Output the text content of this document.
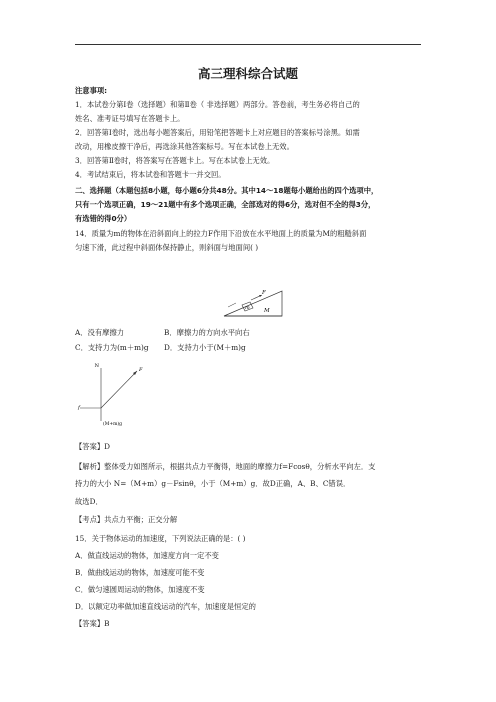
高三理科综合试题
注意事项:
1．本试卷分第Ⅰ卷（选择题）和第Ⅱ卷（ 非选择题）两部分。答卷前，考生务必将自己的
姓名、准考证号填写在答题卡上。
2．回答第Ⅰ卷时，选出每小题答案后，用铅笔把答题卡上对应题目的答案标号涂黑。如需
改动，用橡皮擦干净后，再选涂其他答案标号。写在本试卷上无效。
3．回答第Ⅱ卷时，将答案写在答题卡上。写在本试卷上无效。
4．考试结束后，将本试卷和答题卡一并交回。
二、选择题（本题包括8小题，每小题6分共48分。其中14～18题每小题给出的四个选项中，
只有一个选项正确，19～21题中有多个选项正确，全部选对的得6分，选对但不全的得3分，
有选错的得0分）
14．质量为m的物体在沿斜面向上的拉力F作用下沿放在水平地面上的质量为M的粗糙斜面
匀速下滑，此过程中斜面体保持静止，则斜面与地面间( )
m
F
M
A．没有摩擦力	B．摩擦力的方向水平向右
C．支持力为(m＋m)g D．支持力小于(M＋m)g
N
F
f
(M+m)g
【答案】D
【解析】整体受力如图所示，根据共点力平衡得，地面的摩擦力f=Fcosθ，分析水平向左．支
持力的大小 N=（M+m）g－Fsinθ，小于（M+m）g．故D正确，A、B、C错误．
故选D．
【考点】共点力平衡；正交分解
15．关于物体运动的加速度，下列说法正确的是：( )
A．做直线运动的物体，加速度方向一定不变
B．做曲线运动的物体，加速度可能不变
C．做匀速圆周运动的物体，加速度不变
D．以额定功率做加速直线运动的汽车，加速度是恒定的
【答案】B
